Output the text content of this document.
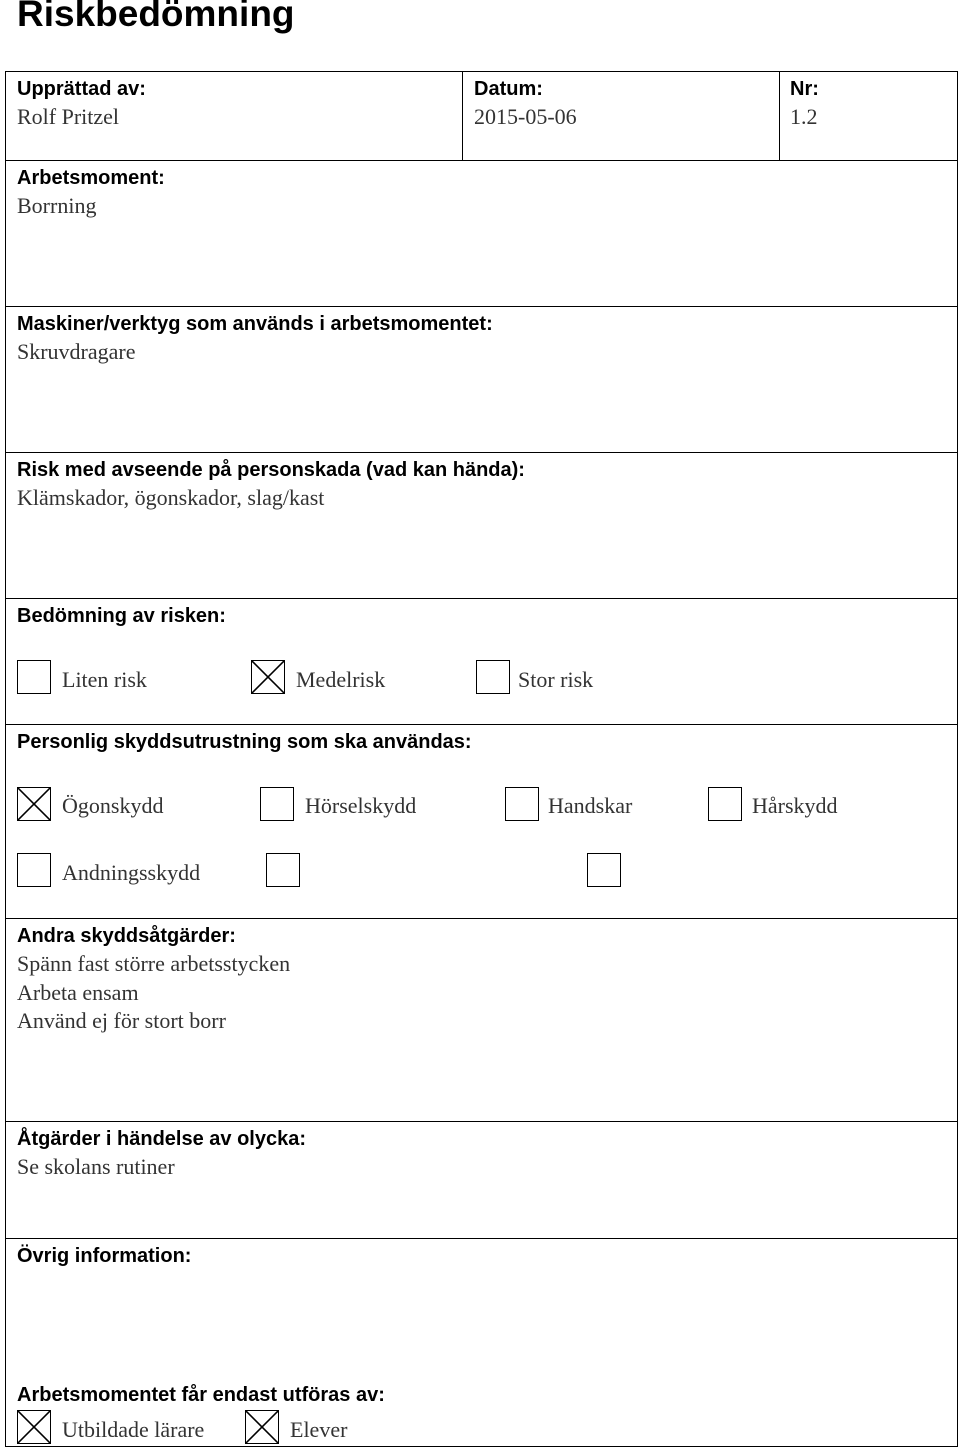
Riskbedömning
Upprättad av:
Rolf Pritzel
Datum:
2015-05-06
Nr:
1.2
Arbetsmoment:
Borrning
Maskiner/verktyg som används i arbetsmomentet:
Skruvdragare
Risk med avseende på personskada (vad kan hända):
Klämskador, ögonskador, slag/kast
Bedömning av risken:
Liten risk	Medelrisk	Stor risk
Personlig skyddsutrustning som ska användas:
Ögonskydd	Hörselskydd	Handskar	Hårskydd
Andningsskydd
Andra skyddsåtgärder:
Spänn fast större arbetsstycken
Arbeta ensam
Använd ej för stort borr
Åtgärder i händelse av olycka:
Se skolans rutiner
Övrig information:
Arbetsmomentet får endast utföras av:
Utbildade lärare	Elever
